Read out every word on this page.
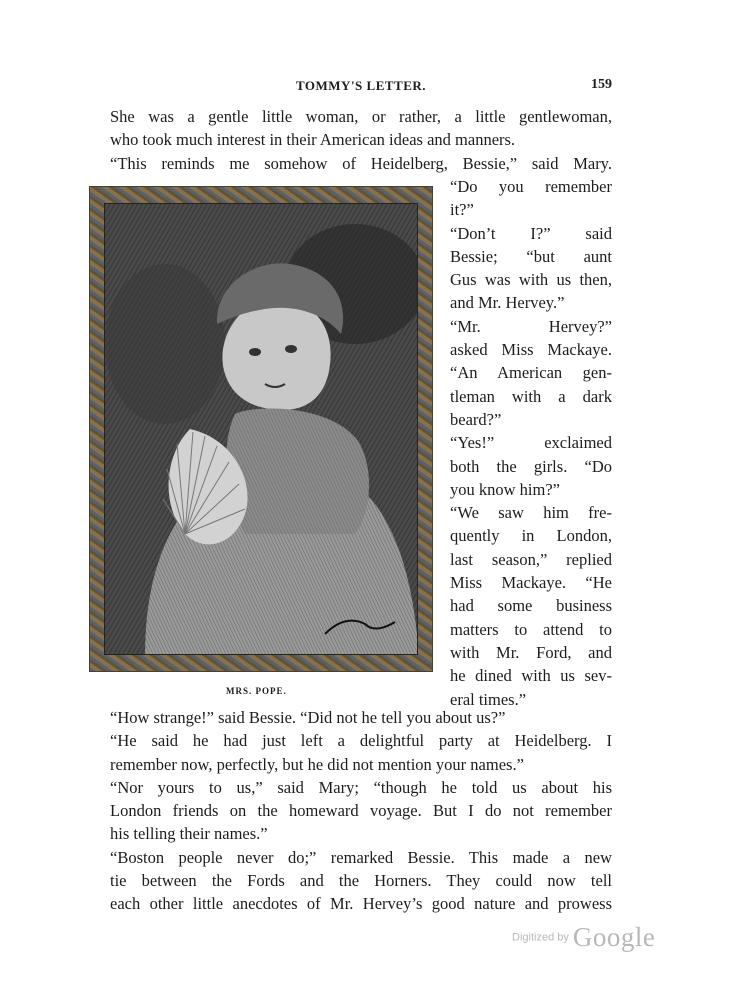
TOMMY'S LETTER.	159
She was a gentle little woman, or rather, a little gentlewoman,
who took much interest in their American ideas and manners.
“This reminds me somehow of Heidelberg, Bessie,” said Mary.
MRS. POPE.
“Do you remember
it?”
“Don’t I?” said
Bessie; “but aunt
Gus was with us then,
and Mr. Hervey.”
“Mr. Hervey?”
asked Miss Mackaye.
“An American gen-
tleman with a dark
beard?”
“Yes!” exclaimed
both the girls. “Do
you know him?”
“We saw him fre-
quently in London,
last season,” replied
Miss Mackaye. “He
had some business
matters to attend to
with Mr. Ford, and
he dined with us sev-
eral times.”
“How strange!” said Bessie. “Did not he tell you about us?”
“He said he had just left a delightful party at Heidelberg. I
remember now, perfectly, but he did not mention your names.”
“Nor yours to us,” said Mary; “though he told us about his
London friends on the homeward voyage. But I do not remember
his telling their names.”
“Boston people never do;” remarked Bessie. This made a new
tie between the Fords and the Horners. They could now tell
each other little anecdotes of Mr. Hervey’s good nature and prowess
Digitized by Google
